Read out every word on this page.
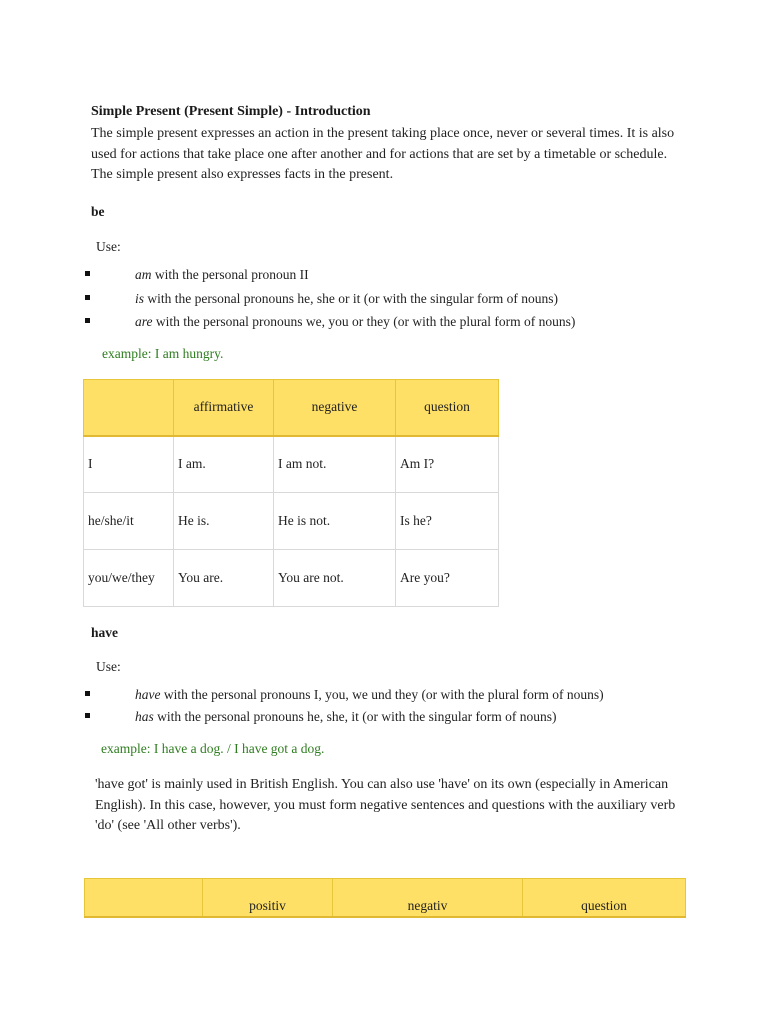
Simple Present (Present Simple) - Introduction
The simple present expresses an action in the present taking place once, never or several times. It is also used for actions that take place one after another and for actions that are set by a timetable or schedule. The simple present also expresses facts in the present.
be
Use:
am with the personal pronoun II
is with the personal pronouns he, she or it (or with the singular form of nouns)
are with the personal pronouns we, you or they (or with the plural form of nouns)
example: I am hungry.
	affirmative	negative	question
I	I am.	I am not.	Am I?
he/she/it	He is.	He is not.	Is he?
you/we/they	You are.	You are not.	Are you?
have
Use:
have with the personal pronouns I, you, we und they (or with the plural form of nouns)
has with the personal pronouns he, she, it (or with the singular form of nouns)
example: I have a dog. / I have got a dog.
'have got' is mainly used in British English. You can also use 'have' on its own (especially in American English). In this case, however, you must form negative sentences and questions with the auxiliary verb 'do' (see 'All other verbs').
	positiv	negativ	question
